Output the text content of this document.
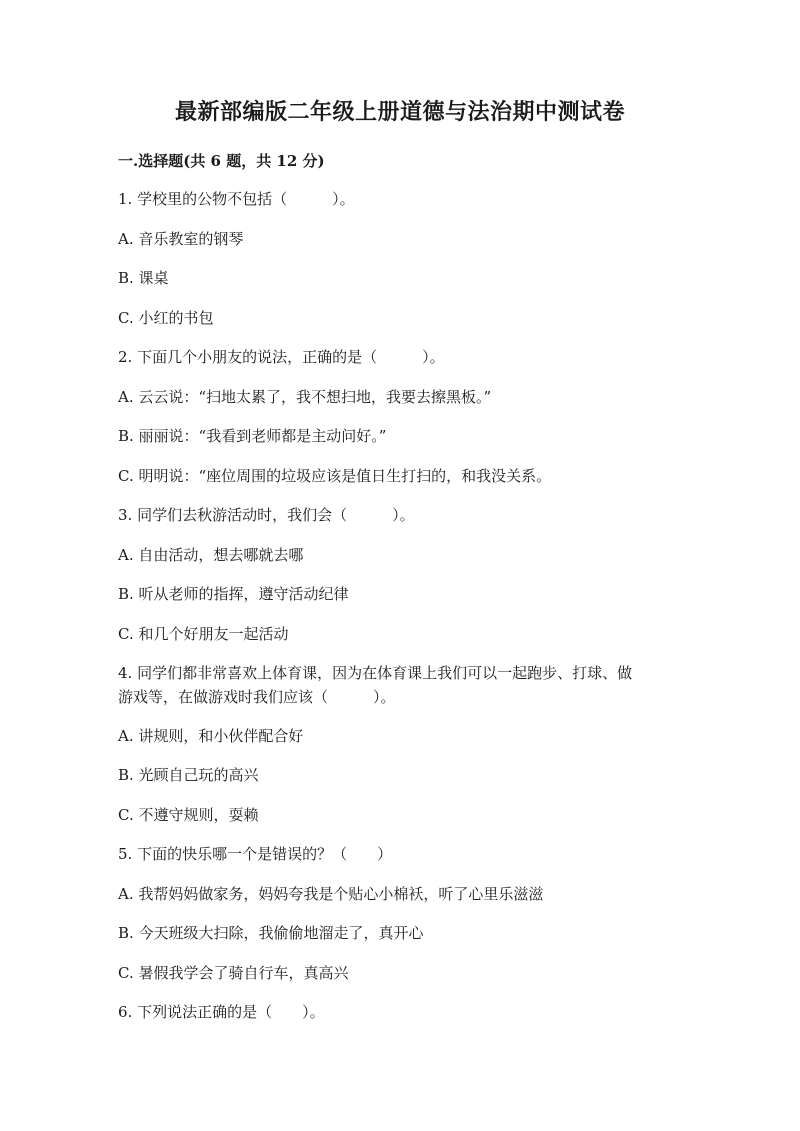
最新部编版二年级上册道德与法治期中测试卷
一.选择题(共 6 题，共 12 分)
1. 学校里的公物不包括（　　　）。
A. 音乐教室的钢琴
B. 课桌
C. 小红的书包
2. 下面几个小朋友的说法，正确的是（　　　）。
A. 云云说：“扫地太累了，我不想扫地，我要去擦黑板。”
B. 丽丽说：“我看到老师都是主动问好。”
C. 明明说：“座位周围的垃圾应该是值日生打扫的，和我没关系。
3. 同学们去秋游活动时，我们会（　　　）。
A. 自由活动，想去哪就去哪
B. 听从老师的指挥，遵守活动纪律
C. 和几个好朋友一起活动
4. 同学们都非常喜欢上体育课，因为在体育课上我们可以一起跑步、打球、做
游戏等，在做游戏时我们应该（　　　）。
A. 讲规则，和小伙伴配合好
B. 光顾自己玩的高兴
C. 不遵守规则，耍赖
5. 下面的快乐哪一个是错误的？（　　）
A. 我帮妈妈做家务，妈妈夸我是个贴心小棉袄，听了心里乐滋滋
B. 今天班级大扫除，我偷偷地溜走了，真开心
C. 暑假我学会了骑自行车，真高兴
6. 下列说法正确的是（　　）。
